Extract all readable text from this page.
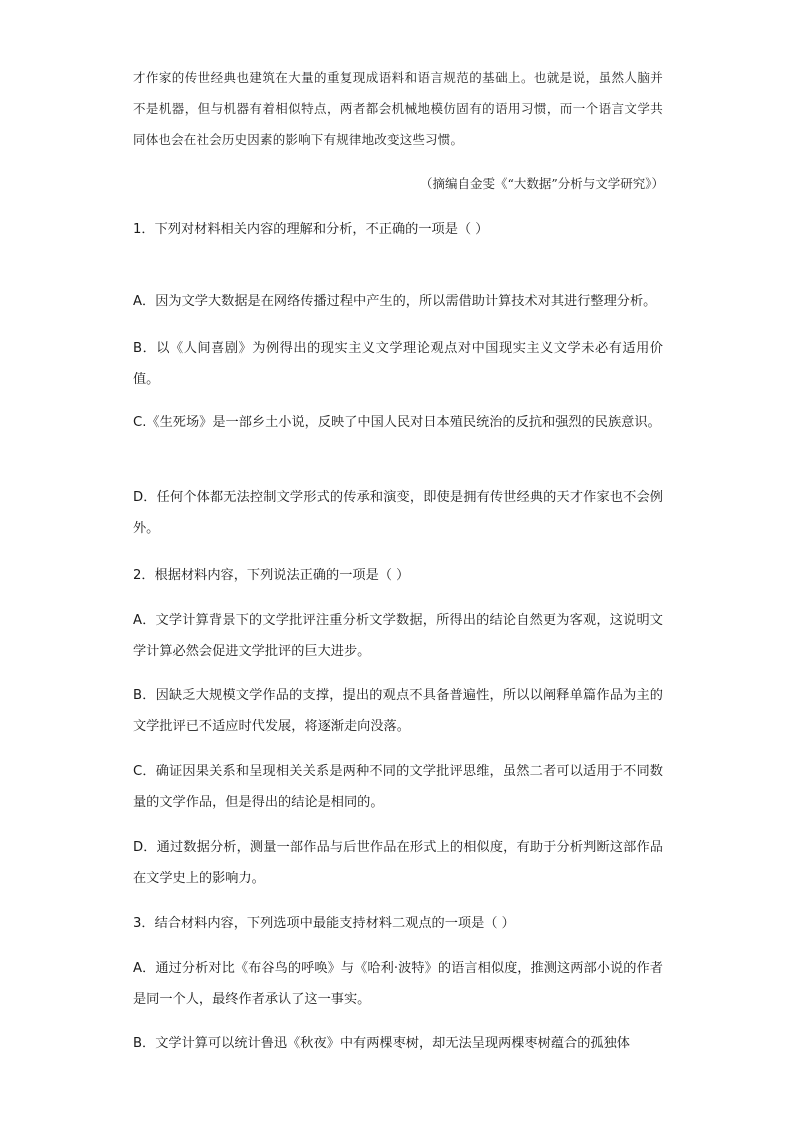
才作家的传世经典也建筑在大量的重复现成语料和语言规范的基础上。也就是说，虽然人脑并不是机器，但与机器有着相似特点，两者都会机械地模仿固有的语用习惯，而一个语言文学共同体也会在社会历史因素的影响下有规律地改变这些习惯。
（摘编自金雯《“大数据”分析与文学研究》）
1．下列对材料相关内容的理解和分析，不正确的一项是（ ）
A．因为文学大数据是在网络传播过程中产生的，所以需借助计算技术对其进行整理分析。
B．以《人间喜剧》为例得出的现实主义文学理论观点对中国现实主义文学未必有适用价值。
C.《生死场》是一部乡土小说，反映了中国人民对日本殖民统治的反抗和强烈的民族意识。
D．任何个体都无法控制文学形式的传承和演变，即使是拥有传世经典的天才作家也不会例外。
2．根据材料内容，下列说法正确的一项是（ ）
A．文学计算背景下的文学批评注重分析文学数据，所得出的结论自然更为客观，这说明文学计算必然会促进文学批评的巨大进步。
B．因缺乏大规模文学作品的支撑，提出的观点不具备普遍性，所以以阐释单篇作品为主的文学批评已不适应时代发展，将逐渐走向没落。
C．确证因果关系和呈现相关关系是两种不同的文学批评思维，虽然二者可以适用于不同数量的文学作品，但是得出的结论是相同的。
D．通过数据分析，测量一部作品与后世作品在形式上的相似度，有助于分析判断这部作品在文学史上的影响力。
3．结合材料内容，下列选项中最能支持材料二观点的一项是（ ）
A．通过分析对比《布谷鸟的呼唤》与《哈利·波特》的语言相似度，推测这两部小说的作者是同一个人，最终作者承认了这一事实。
B．文学计算可以统计鲁迅《秋夜》中有两棵枣树，却无法呈现两棵枣树蕴合的孤独体
